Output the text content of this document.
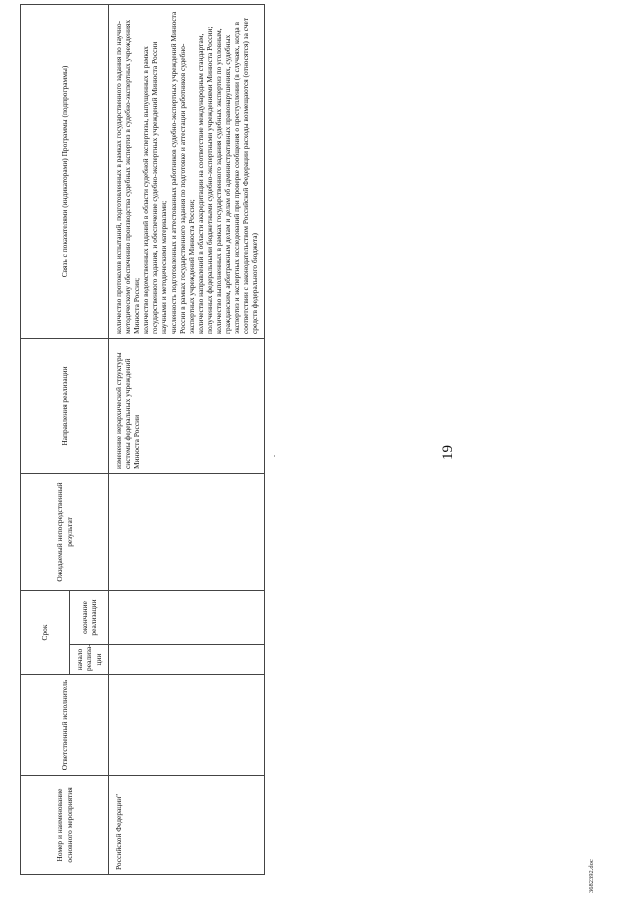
Номер и наименование основного мероприятия	Ответственный исполнитель	Срок		Ожидаемый непосредственный результат	Направления реализации	Связь с показателями (индикаторами) Программы (подпрограммы)
		начало реализа-ции	окончание реализации			
Российской Федерации"					изменение иерархической структуры системы федеральных учреждений Минюста России	количество протоколов испытаний, подготовленных в рамках государственного задания по научно-методическому обеспечению производства судебных экспертиз в судебно-экспертных учреждениях Минюста России;
количество ведомственных изданий в области судебной экспертизы, выпущенных в рамках государственного задания, и обеспечение судебно-экспертных учреждений Минюста России научными и методическими материалами;
численность подготовленных и аттестованных работников судебно-экспертных учреждений Минюста России в рамках государственного задания по подготовке и аттестации работников судебно-экспертных учреждений Минюста России;
количество направлений в области аккредитации на соответствие международным стандартам, полученных федеральными бюджетными судебно-экспертными учреждениями Минюста России;
количество выполненных в рамках государственного задания судебных экспертиз по уголовным, гражданским, арбитражным делам и делам об административных правонарушениях, судебных экспертиз и экспертных исследований при проверке сообщения о преступлении (в случаях, когда в соответствии с законодательством Российской Федерации расходы возмещаются (относятся) за счет средств федерального бюджета)
-	19
3682392.doc
